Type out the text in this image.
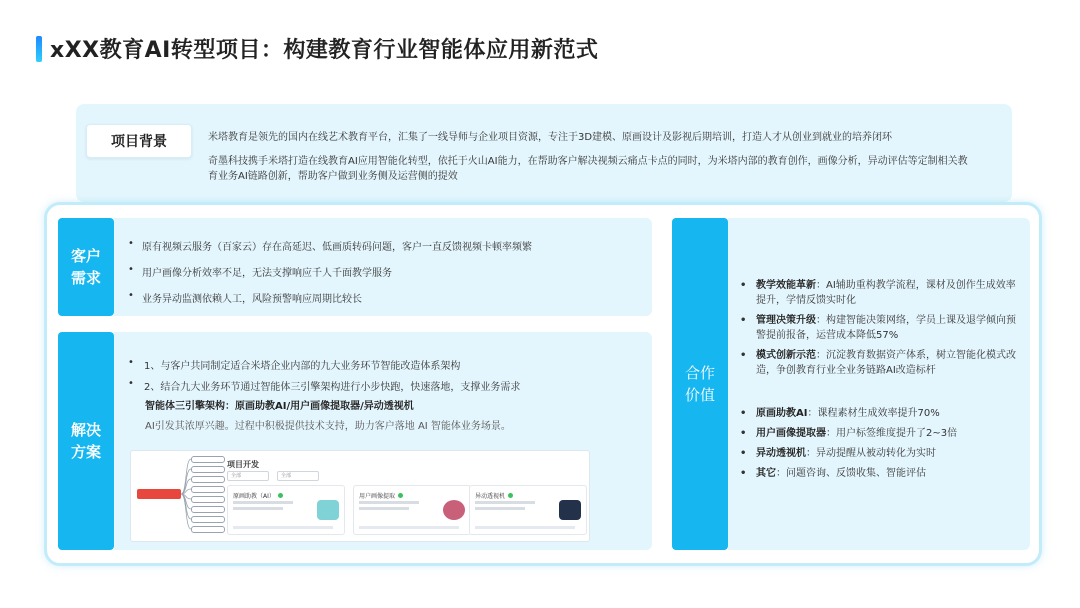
xXX教育AI转型项目：构建教育行业智能体应用新范式
项目背景	米塔教育是领先的国内在线艺术教育平台，汇集了一线导师与企业项目资源，专注于3D建模、原画设计及影视后期培训，打造人才从创业到就业的培养闭环
奇墨科技携手米塔打造在线教育AI应用智能化转型，依托于火山AI能力，在帮助客户解决视频云痛点卡点的同时，为米塔内部的教育创作，画像分析，异动评估等定制相关教育业务AI链路创新，帮助客户做到业务侧及运营侧的提效
客户需求
• 原有视频云服务（百家云）存在高延迟、低画质转码问题，客户一直反馈视频卡顿率频繁
• 用户画像分析效率不足，无法支撑响应千人千面教学服务
• 业务异动监测依赖人工，风险预警响应周期比较长
解决方案
•	1、与客户共同制定适合米塔企业内部的九大业务环节智能改造体系架构
•	2、结合九大业务环节通过智能体三引擎架构进行小步快跑，快速落地，支撑业务需求
智能体三引擎架构：原画助教AI/用户画像提取器/异动透视机
AI引发其浓厚兴趣。过程中积极提供技术支持，助力客户落地 AI 智能体业务场景。
项目开发
全部	全部
原画助教（AI）	用户画像提取	异动透视机
合作价值
• 教学效能革新：AI辅助重构教学流程，课材及创作生成效率提升，学情反馈实时化
• 管理决策升级：构建智能决策网络，学员上课及退学倾向预警提前报备，运营成本降低57%
• 模式创新示范：沉淀教育数据资产体系，树立智能化模式改造，争创教育行业全业务链路AI改造标杆
• 原画助教AI：课程素材生成效率提升70%
• 用户画像提取器：用户标签维度提升了2~3倍
• 异动透视机：异动提醒从被动转化为实时
• 其它：问题咨询、反馈收集、智能评估
